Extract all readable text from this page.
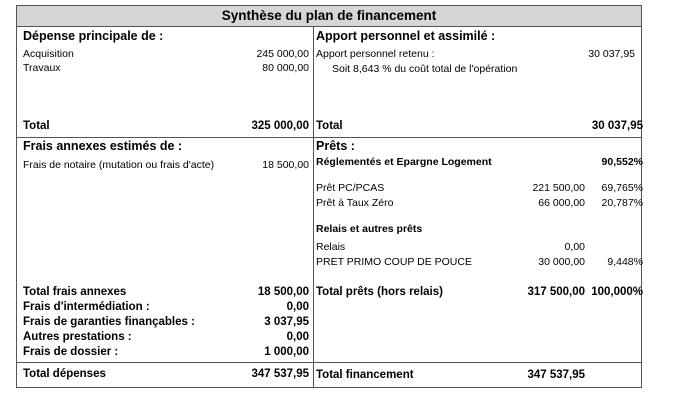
Synthèse du plan de financement
Dépense principale de :
Acquisition	245 000,00
Travaux	80 000,00
Total	325 000,00
Apport personnel et assimilé :
Apport personnel retenu :	30 037,95
Soit 8,643 % du coût total de l'opération
Total	30 037,95
Frais annexes estimés de :
Frais de notaire (mutation ou frais d'acte)	18 500,00
Total frais annexes	18 500,00
Frais d'intermédiation :	0,00
Frais de garanties finançables :	3 037,95
Autres prestations :	0,00
Frais de dossier :	1 000,00
Total dépenses	347 537,95
Prêts :
Réglementés et Epargne Logement	90,552%
Prêt PC/PCAS	221 500,00	69,765%
Prêt à Taux Zéro	66 000,00	20,787%
Relais et autres prêts
Relais	0,00
PRET PRIMO COUP DE POUCE	30 000,00	9,448%
Total prêts (hors relais)	317 500,00 100,000%
Total financement	347 537,95
